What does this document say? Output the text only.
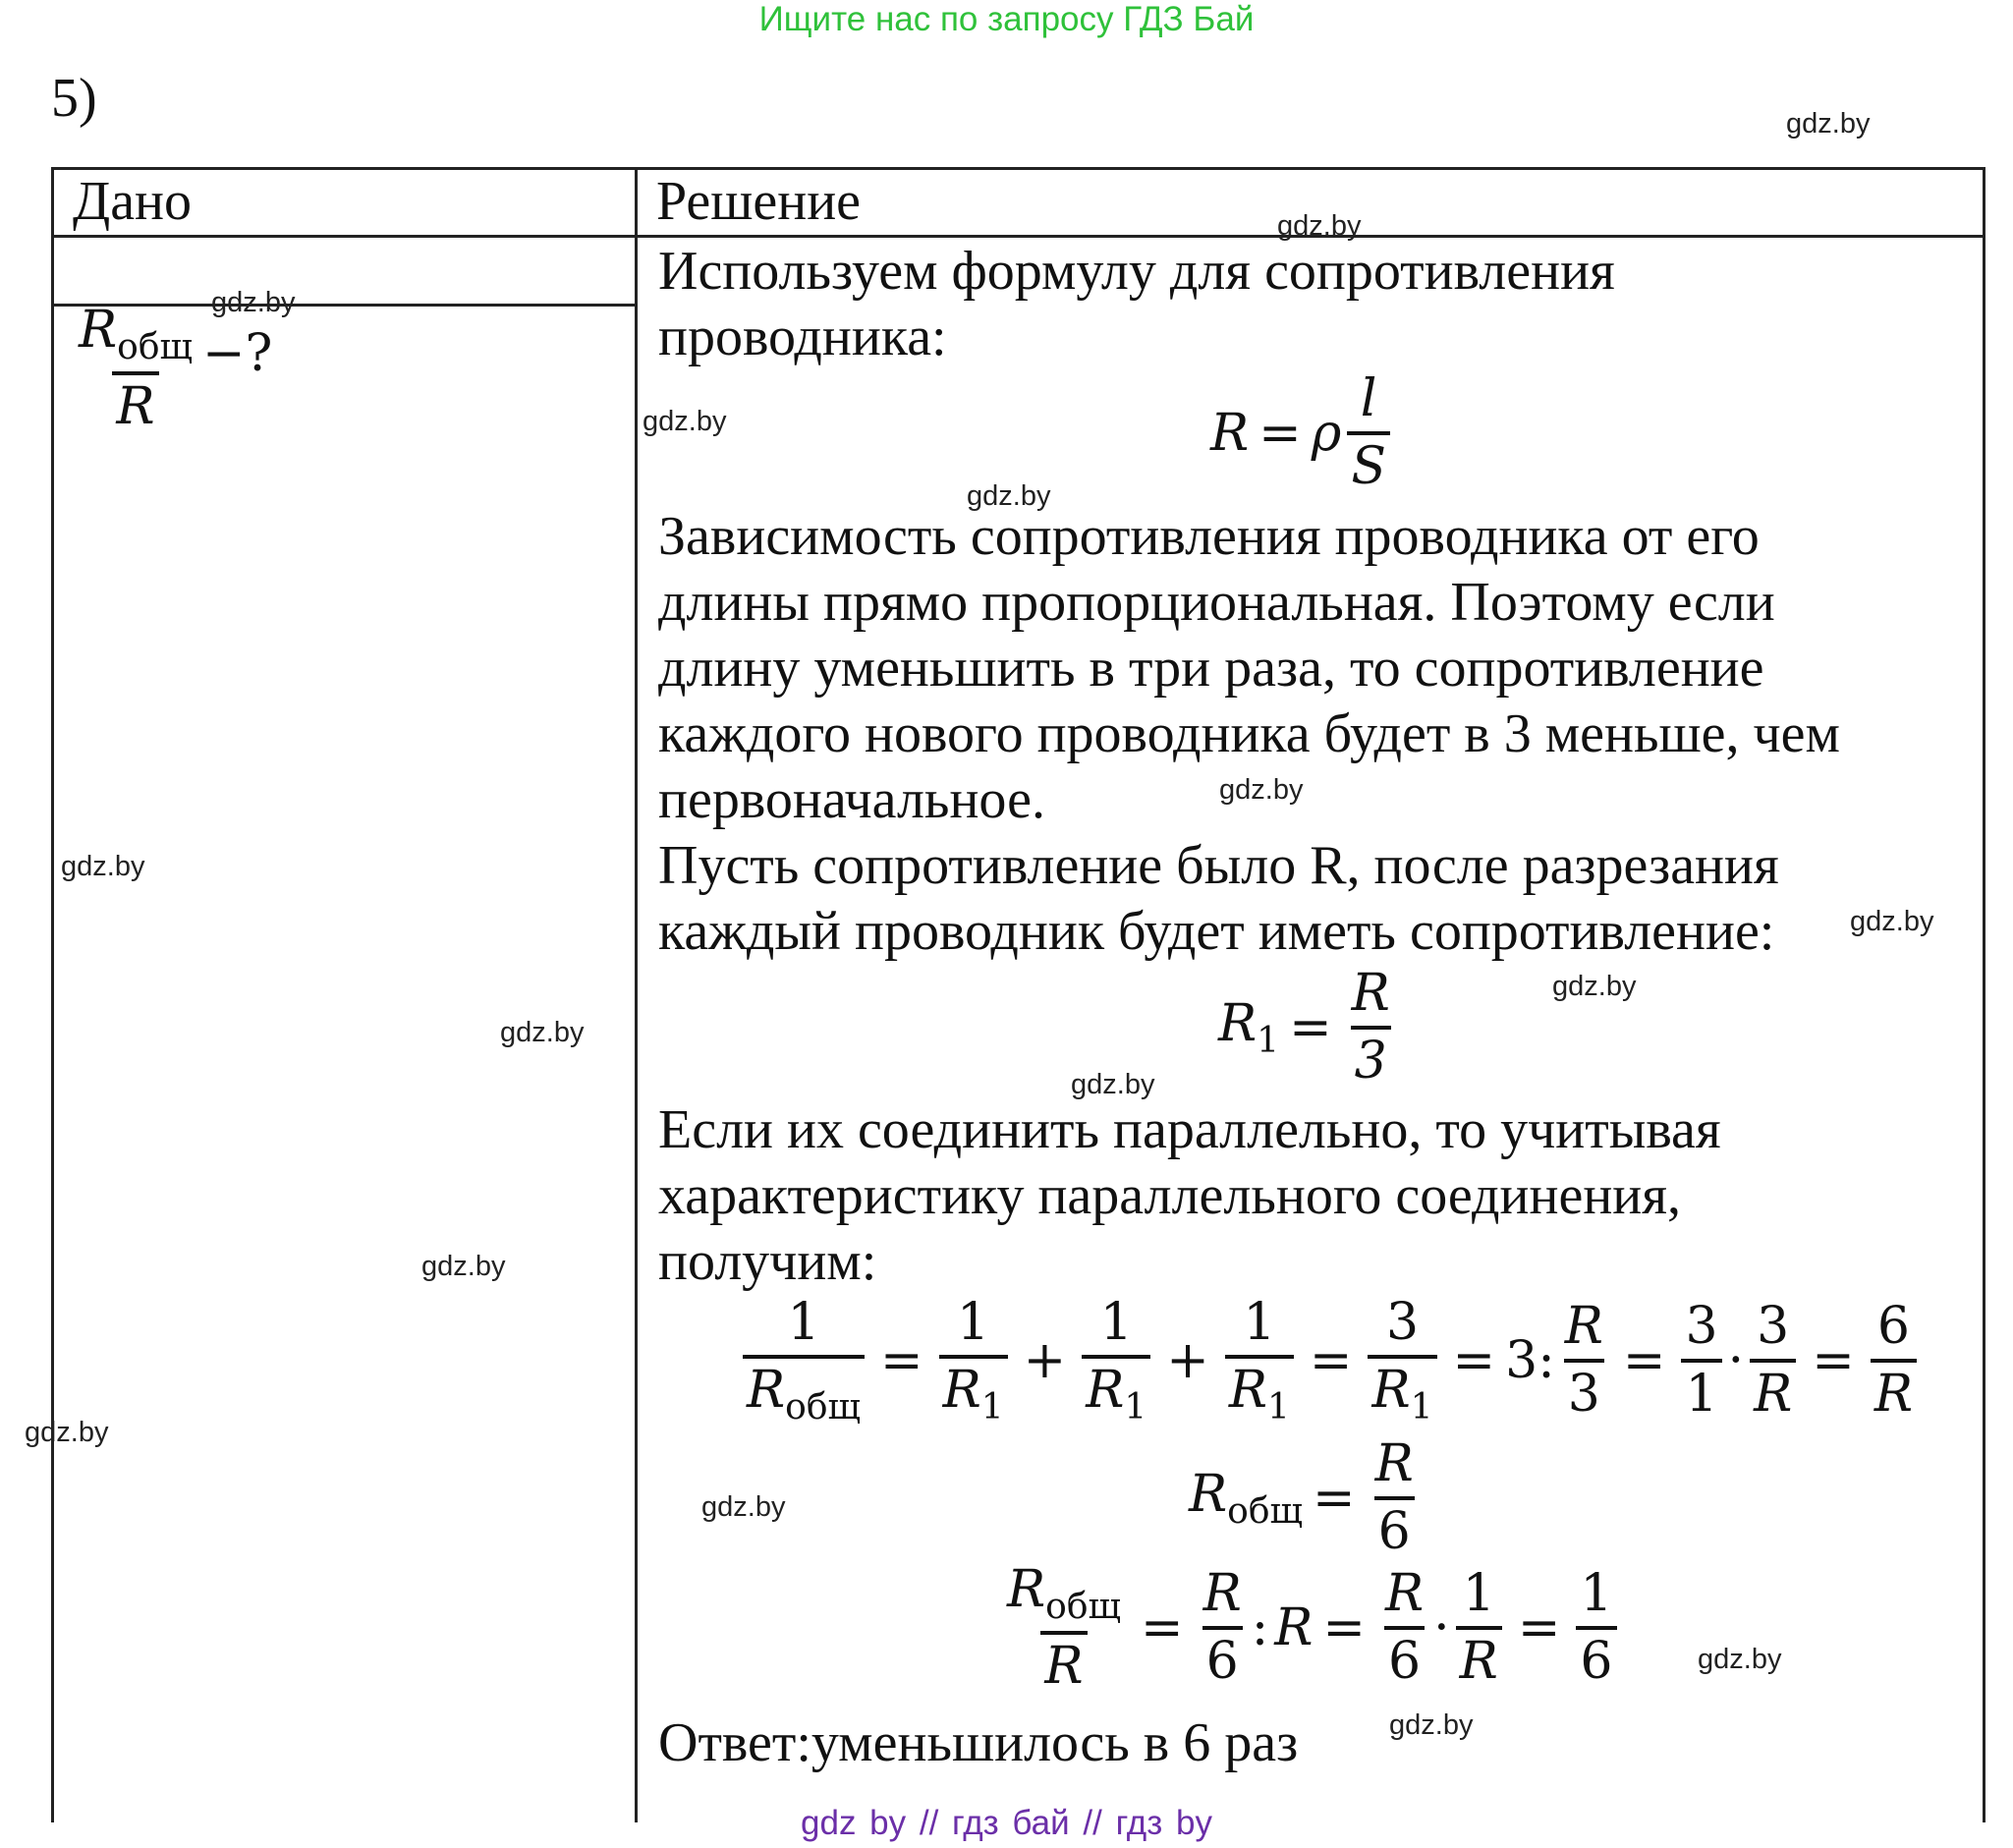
Ищите нас по запросу ГДЗ Бай
5)
Дано	Решение
$\frac{R_{общ}}{R}$ −?
Используем формулу для сопротивления
проводника:
R = ρ $\frac{l}{S}$
Зависимость сопротивления проводника от его
длины прямо пропорциональная. Поэтому если
длину уменьшить в три раза, то сопротивление
каждого нового проводника будет в 3 меньше, чем
первоначальное.
Пусть сопротивление было R, после разрезания
каждый проводник будет иметь сопротивление:
$R_1 = \frac{R}{3}$
Если их соединить параллельно, то учитывая
характеристику параллельного соединения,
получим:
$\frac{1}{R_{общ}} = \frac{1}{R_1} + \frac{1}{R_1} + \frac{1}{R_1} = \frac{3}{R_1} = 3$: $\frac{R}{3} = \frac{3}{1} \cdot \frac{3}{R} = \frac{6}{R}$
$R_{общ} = \frac{R}{6}$
$\frac{R_{общ}}{R} = \frac{R}{6}$ : $R = \frac{R}{6} \cdot \frac{1}{R} = \frac{1}{6}$
Ответ:уменьшилось в 6 раз
gdz.by
gdz.by
gdz.by
gdz.by
gdz.by
gdz.by
gdz.by
gdz.by
gdz.by
gdz.by
gdz.by
gdz.by
gdz.by
gdz.by
gdz.by
gdz.by
gdz by // гдз бай // гдз by
